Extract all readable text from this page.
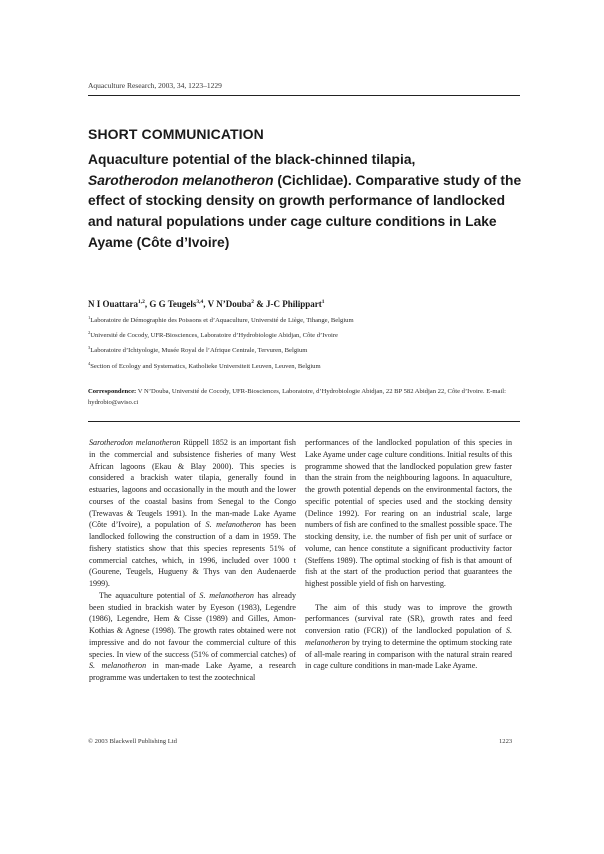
Aquaculture Research, 2003, 34, 1223–1229
SHORT COMMUNICATION
Aquaculture potential of the black-chinned tilapia,
Sarotherodon melanotheron (Cichlidae). Comparative study of the effect of stocking density on growth performance of landlocked and natural populations under cage culture conditions in Lake Ayame (Côte d’Ivoire)
N I Ouattara$^{1,2}$, G G Teugels$^{3,4}$, V N’Douba$^2$ & J-C Philippart$^1$
$^1$Laboratoire de Démographie des Poissons et d’Aquaculture, Université de Liège, Tihange, Belgium
$^2$Université de Cocody, UFR-Biosciences, Laboratoire d’Hydrobiologie Abidjan, Côte d’Ivoire
$^3$Laboratoire d’Ichtyologie, Musée Royal de l’Afrique Centrale, Tervuren, Belgium
$^4$Section of Ecology and Systematics, Katholieke Universiteit Leuven, Leuven, Belgium
Correspondence: V N’Douba, Université de Cocody, UFR-Biosciences, Laboratoire, d’Hydrobiologie Abidjan, 22 BP 582 Abidjan 22, Côte d’Ivoire. E-mail: hydrobio@aviso.ci

Sarotherodon melanotheron Rüppell 1852 is an important fish in the commercial and subsistence fisheries of many West African lagoons (Ekau & Blay 2000). This species is considered a brackish water tilapia, generally found in estuaries, lagoons and occasionally in the mouth and the lower courses of the coastal basins from Senegal to the Congo (Trewavas & Teugels 1991). In the man-made Lake Ayame (Côte d’Ivoire), a population of S. melanotheron has been landlocked following the construction of a dam in 1959. The fishery statistics show that this species represents 51% of commercial catches, which, in 1996, included over 1000 t (Gourene, Teugels, Hugueny & Thys van den Audenaerde 1999).

The aquaculture potential of S. melanotheron has already been studied in brackish water by Eyeson (1983), Legendre (1986), Legendre, Hem & Cisse (1989) and Gilles, Amon-Kothias & Agnese (1998). The growth rates obtained were not impressive and do not favour the commercial culture of this species. In view of the success (51% of commercial catches) of S. melanotheron in man-made Lake Ayame, a research programme was undertaken to test the zootechnical

performances of the landlocked population of this species in Lake Ayame under cage culture conditions. Initial results of this programme showed that the landlocked population grew faster than the strain from the neighbouring lagoons. In aquaculture, the growth potential depends on the environmental factors, the specific potential of species used and the stocking density (Delince 1992). For rearing on an industrial scale, large numbers of fish are confined to the smallest possible space. The stocking density, i.e. the number of fish per unit of surface or volume, can hence constitute a significant productivity factor (Steffens 1989). The optimal stocking of fish is that amount of fish at the start of the production period that guarantees the highest possible yield of fish on harvesting.

The aim of this study was to improve the growth performances (survival rate (SR), growth rates and feed conversion ratio (FCR)) of the landlocked population of S. melanotheron by trying to determine the optimum stocking rate of all-male rearing in comparison with the natural strain reared in cage culture conditions in man-made Lake Ayame.

© 2003 Blackwell Publishing Ltd	1223
